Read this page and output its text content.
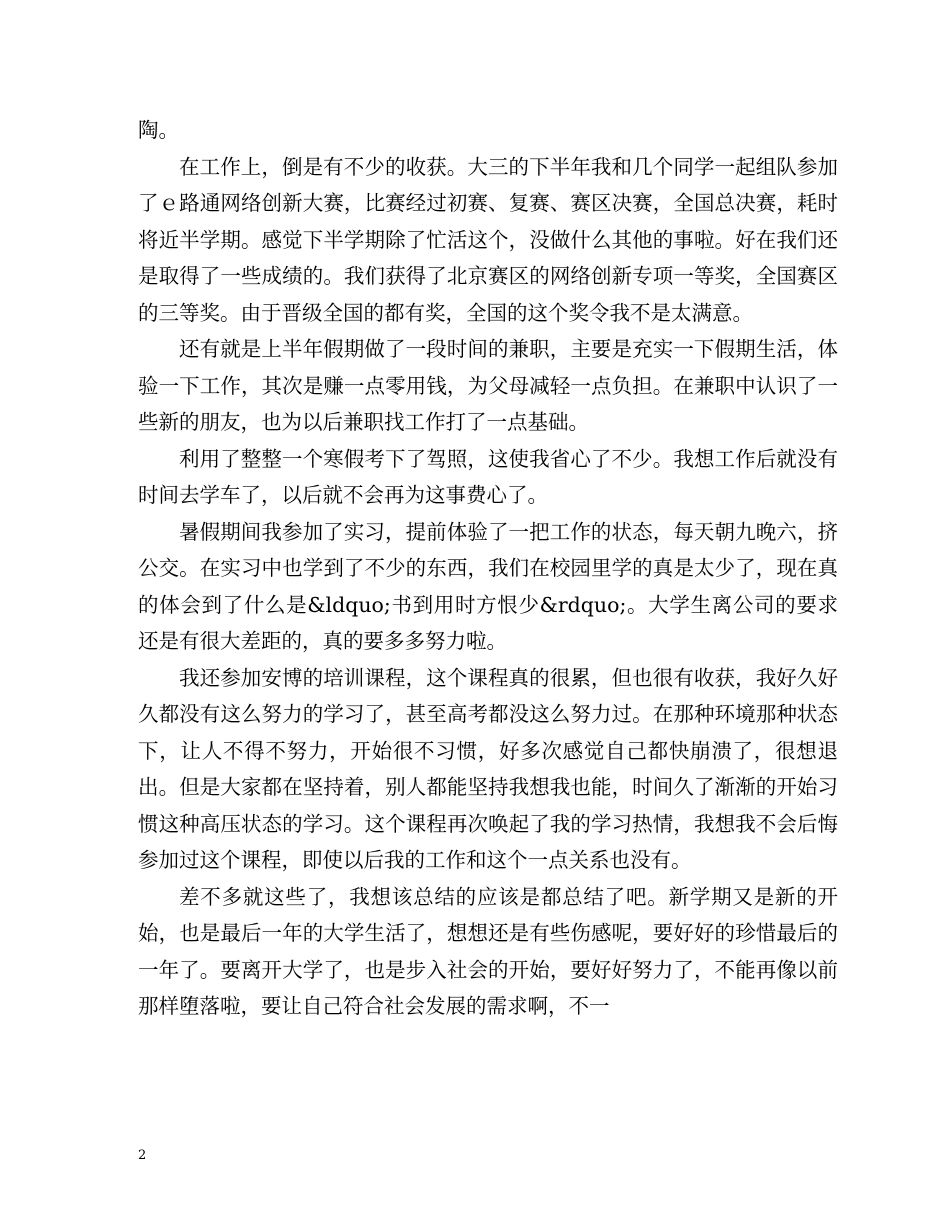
陶。

在工作上，倒是有不少的收获。大三的下半年我和几个同学一起组队参加了ｅ路通网络创新大赛，比赛经过初赛、复赛、赛区决赛，全国总决赛，耗时将近半学期。感觉下半学期除了忙活这个，没做什么其他的事啦。好在我们还是取得了一些成绩的。我们获得了北京赛区的网络创新专项一等奖，全国赛区的三等奖。由于晋级全国的都有奖，全国的这个奖令我不是太满意。

还有就是上半年假期做了一段时间的兼职，主要是充实一下假期生活，体验一下工作，其次是赚一点零用钱，为父母减轻一点负担。在兼职中认识了一些新的朋友，也为以后兼职找工作打了一点基础。

利用了整整一个寒假考下了驾照，这使我省心了不少。我想工作后就没有时间去学车了，以后就不会再为这事费心了。

暑假期间我参加了实习，提前体验了一把工作的状态，每天朝九晚六，挤公交。在实习中也学到了不少的东西，我们在校园里学的真是太少了，现在真的体会到了什么是&ldquo;书到用时方恨少&rdquo;。大学生离公司的要求还是有很大差距的，真的要多多努力啦。

我还参加安博的培训课程，这个课程真的很累，但也很有收获，我好久好久都没有这么努力的学习了，甚至高考都没这么努力过。在那种环境那种状态下，让人不得不努力，开始很不习惯，好多次感觉自己都快崩溃了，很想退出。但是大家都在坚持着，别人都能坚持我想我也能，时间久了渐渐的开始习惯这种高压状态的学习。这个课程再次唤起了我的学习热情，我想我不会后悔参加过这个课程，即使以后我的工作和这个一点关系也没有。

差不多就这些了，我想该总结的应该是都总结了吧。新学期又是新的开始，也是最后一年的大学生活了，想想还是有些伤感呢，要好好的珍惜最后的一年了。要离开大学了，也是步入社会的开始，要好好努力了，不能再像以前那样堕落啦，要让自己符合社会发展的需求啊，不一

2
